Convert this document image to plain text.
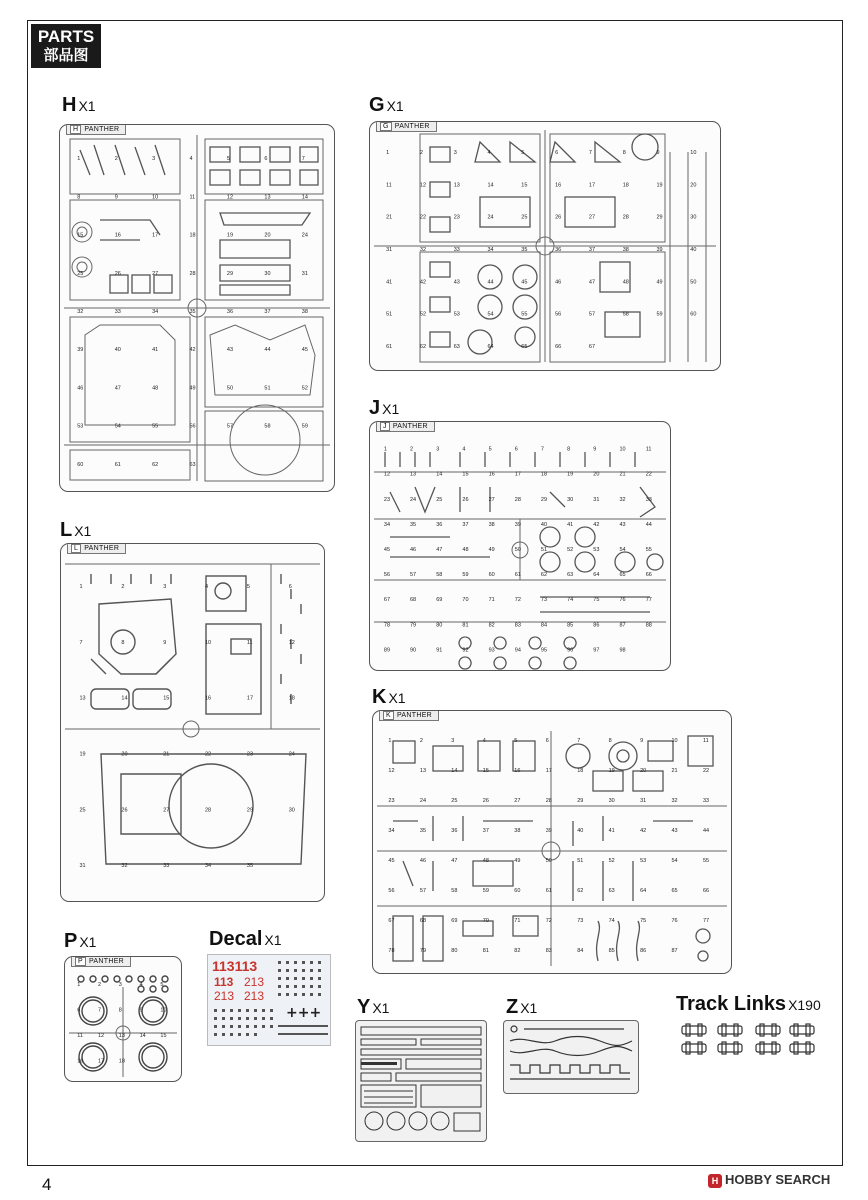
PARTS
部品图
H X1
H PANTHER
1	2	3	4	5	6	7
8	9	10	11	12	13	14
15	16	17	18	19	20	24
25	26	27	28	29	30	31
32	33	34	35	36	37	38
39	40	41	42	43	44	45
46	47	48	49	50	51	52
53	54	55	56	57	58	59
60	61	62	63
G X1
G PANTHER
1	2	3	4	5	6	7	8	9	10
11	12	13	14	15	16	17	18	19	20
21	22	23	24	25	26	27	28	29	30
31	32	33	34	35	36	37	38	39	40
41	42	43	44	45	46	47	48	49	50
51	52	53	54	55	56	57	58	59	60
61	62	63	64	65	66	67
J X1
J PANTHER
1	2	3	4	5	6	7	8	9	10	11
12	13	14	15	16	17	18	19	20	21	22
23	24	25	26	27	28	29	30	31	32	33
34	35	36	37	38	39	40	41	42	43	44
45	46	47	48	49	50	51	52	53	54	55
56	57	58	59	60	61	62	63	64	65	66
67	68	69	70	71	72	73	74	75	76	77
78	79	80	81	82	83	84	85	86	87	88
89	90	91	92	93	94	95	96	97	98
L X1
L PANTHER
1	2	3	4	5	6
7	8	9	10	11	12
13	14	15	16	17	18
19	20	21	22	23	24
25	26	27	28	29	30
31	32	33	34	35
K X1
K PANTHER
1	2	3	4	5	6	7	8	9	10	11
12	13	14	15	16	17	18	19	20	21	22
23	24	25	26	27	28	29	30	31	32	33
34	35	36	37	38	39	40	41	42	43	44
45	46	47	48	49	50	51	52	53	54	55
56	57	58	59	60	61	62	63	64	65	66
67	68	69	70	71	72	73	74	75	76	77
78	79	80	81	82	83	84	85	86	87
P X1
P PANTHER
1	2	3	4	5
6	7	8	9	10
11	12	13	14	15
16	17	18
Decal X1
113113
113 213
213 213
+++ Y X1	Z X1	Track Links X190
4	H HOBBY SEARCH
